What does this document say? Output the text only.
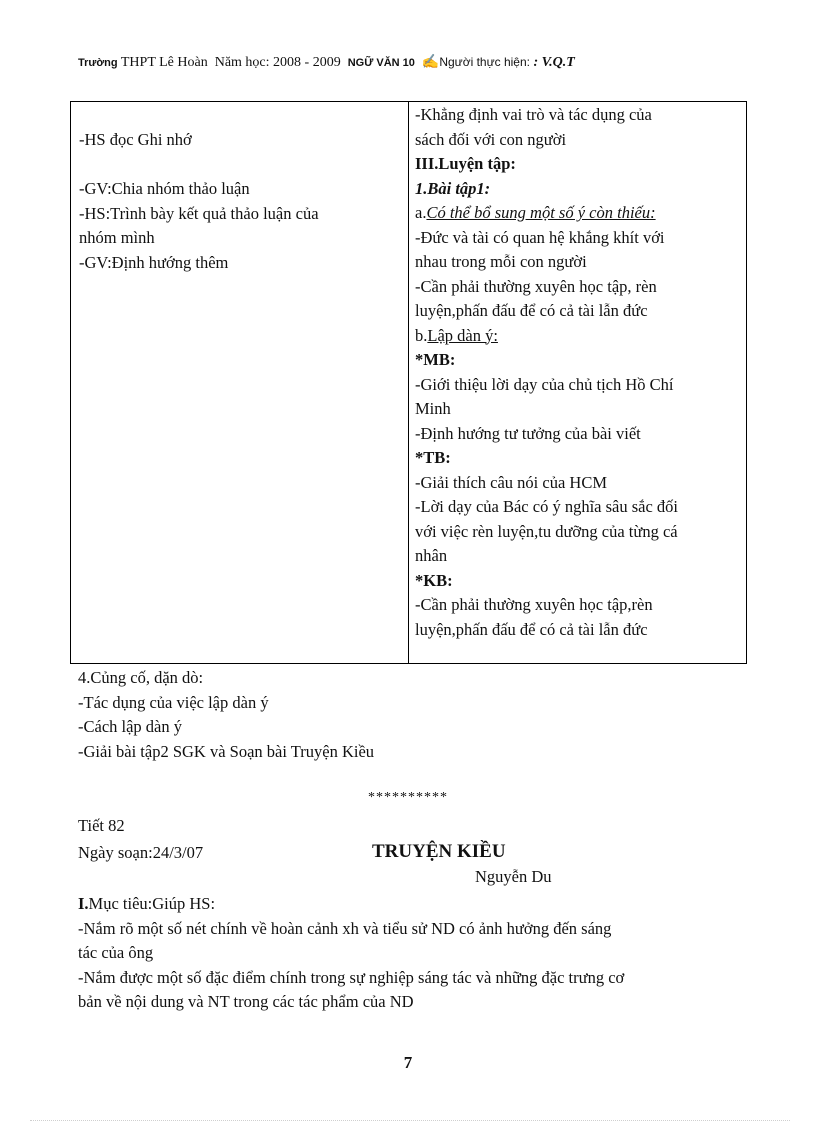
Trường THPT Lê Hoàn Năm học: 2008 - 2009 NGỮ VĂN 10 ✍Người thực hiện: : V.Q.T
-HS đọc Ghi nhớ
-GV:Chia nhóm thảo luận
-HS:Trình bày kết quả thảo luận của
nhóm mình
-GV:Định hướng thêm
-Khẳng định vai trò và tác dụng của
sách đối với con người
III.Luyện tập:
1.Bài tập1:
a.Có thể bổ sung một số ý còn thiếu:
-Đức và tài có quan hệ khắng khít với
nhau trong mỗi con người
-Cần phải thường xuyên học tập, rèn
luyện,phấn đấu để có cả tài lẫn đức
b.Lập dàn ý:
*MB:
-Giới thiệu lời dạy của chủ tịch Hồ Chí
Minh
-Định hướng tư tưởng của bài viết
*TB:
-Giải thích câu nói của HCM
-Lời dạy của Bác có ý nghĩa sâu sắc đối
với việc rèn luyện,tu dưỡng của từng cá
nhân
*KB:
-Cần phải thường xuyên học tập,rèn
luyện,phấn đấu để có cả tài lẫn đức
4.Củng cố, dặn dò:
-Tác dụng của việc lập dàn ý
-Cách lập dàn ý
-Giải bài tập2 SGK và Soạn bài Truyện Kiều
**********
Tiết 82
Ngày soạn:24/3/07	TRUYỆN KIỀU
Nguyễn Du
I.Mục tiêu:Giúp HS:
-Nắm rõ một số nét chính về hoàn cảnh xh và tiểu sử ND có ảnh hưởng đến sáng
tác của ông
-Nắm được một số đặc điểm chính trong sự nghiệp sáng tác và những đặc trưng cơ
bản về nội dung và NT trong các tác phẩm của ND
7
